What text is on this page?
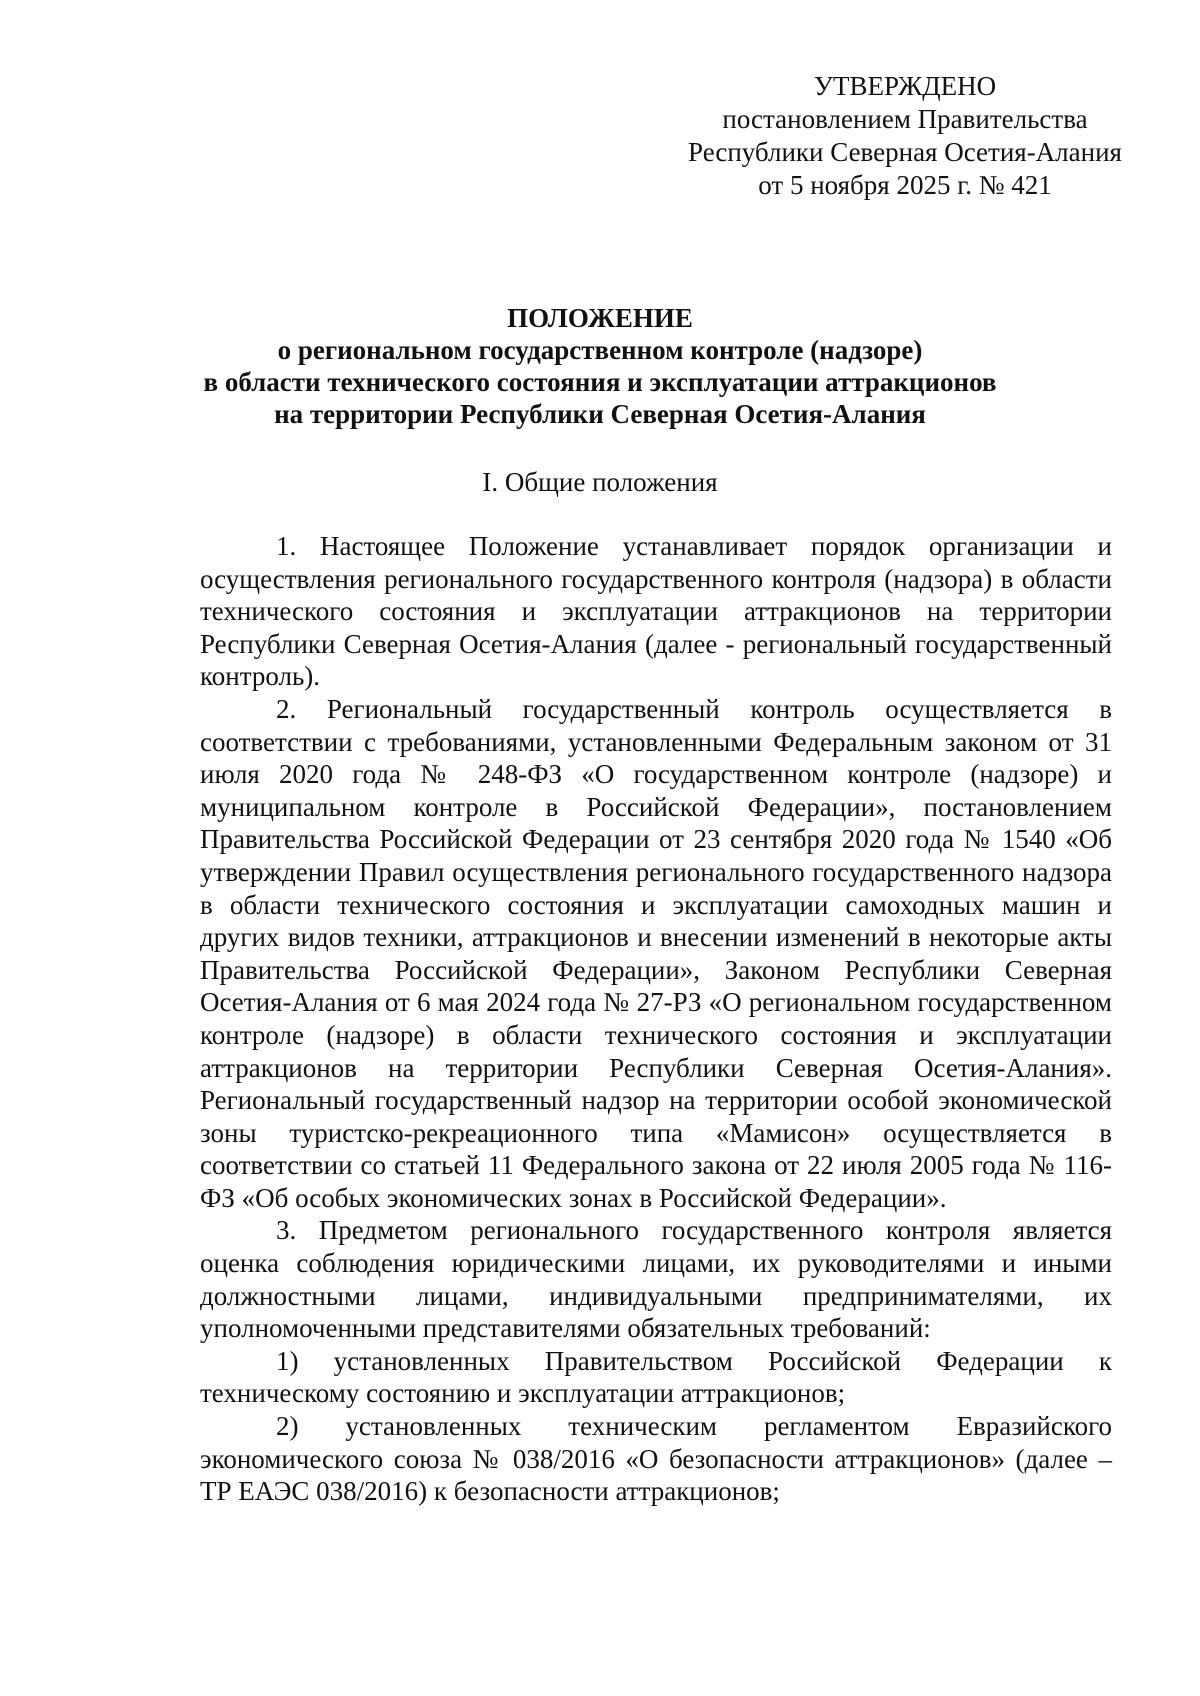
УТВЕРЖДЕНО
постановлением Правительства
Республики Северная Осетия-Алания
от 5 ноября 2025 г. № 421
ПОЛОЖЕНИЕ
о региональном государственном контроле (надзоре)
в области технического состояния и эксплуатации аттракционов
на территории Республики Северная Осетия-Алания
I. Общие положения

1. Настоящее Положение устанавливает порядок организации и осуществления регионального государственного контроля (надзора) в области технического состояния и эксплуатации аттракционов на территории Республики Северная Осетия-Алания (далее - региональный государственный контроль).

2. Региональный государственный контроль осуществляется в соответствии с требованиями, установленными Федеральным законом от 31 июля 2020 года № 248-ФЗ «О государственном контроле (надзоре) и муниципальном контроле в Российской Федерации», постановлением Правительства Российской Федерации от 23 сентября 2020 года № 1540 «Об утверждении Правил осуществления регионального государственного надзора в области технического состояния и эксплуатации самоходных машин и других видов техники, аттракционов и внесении изменений в некоторые акты Правительства Российской Федерации», Законом Республики Северная Осетия-Алания от 6 мая 2024 года № 27-РЗ «О региональном государственном контроле (надзоре) в области технического состояния и эксплуатации аттракционов на территории Республики Северная Осетия-Алания». Региональный государственный надзор на территории особой экономической зоны туристско-рекреационного типа «Мамисон» осуществляется в соответствии со статьей 11 Федерального закона от 22 июля 2005 года № 116-ФЗ «Об особых экономических зонах в Российской Федерации».

3. Предметом регионального государственного контроля является оценка соблюдения юридическими лицами, их руководителями и иными должностными лицами, индивидуальными предпринимателями, их уполномоченными представителями обязательных требований:

1) установленных Правительством Российской Федерации к техническому состоянию и эксплуатации аттракционов;

2) установленных техническим регламентом Евразийского экономического союза № 038/2016 «О безопасности аттракционов» (далее – ТР ЕАЭС 038/2016) к безопасности аттракционов;
